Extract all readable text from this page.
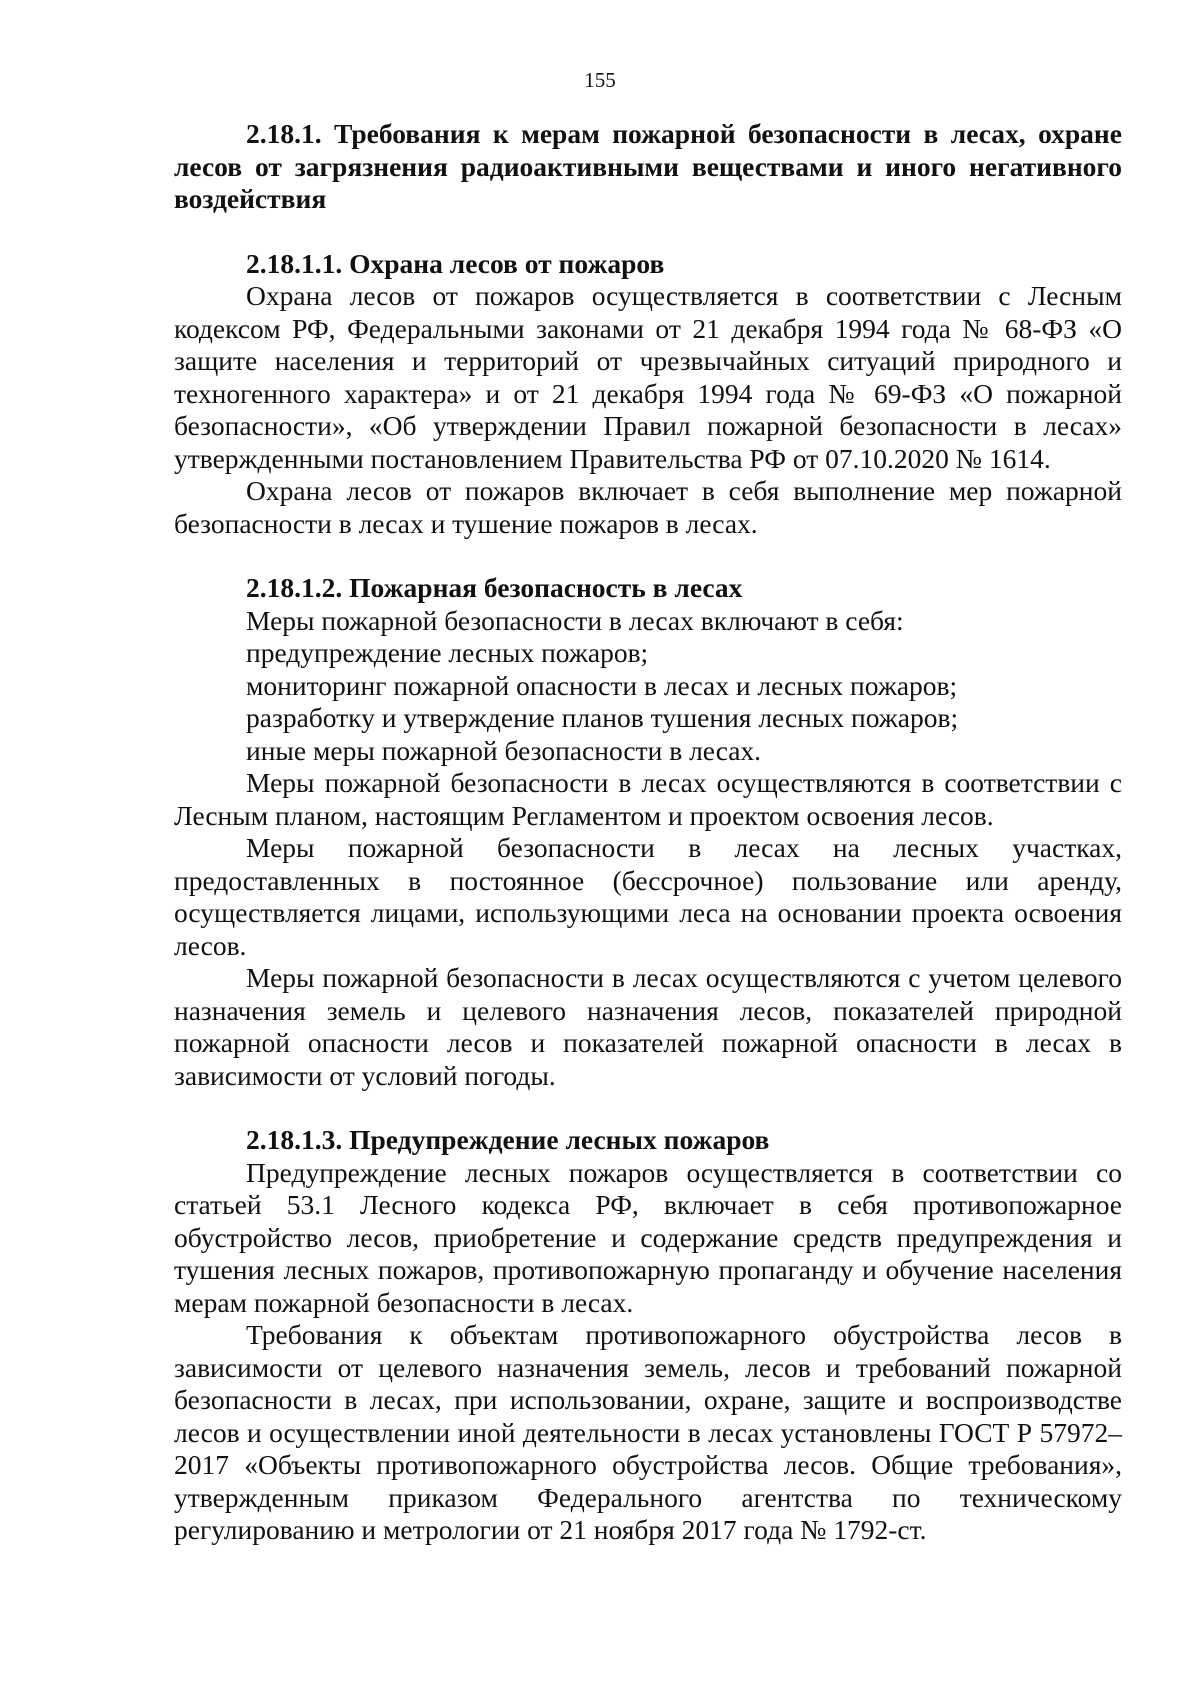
155

2.18.1. Требования к мерам пожарной безопасности в лесах, охране лесов от загрязнения радиоактивными веществами и иного негативного воздействия

2.18.1.1. Охрана лесов от пожаров

Охрана лесов от пожаров осуществляется в соответствии с Лесным кодексом РФ, Федеральными законами от 21 декабря 1994 года № 68-ФЗ «О защите населения и территорий от чрезвычайных ситуаций природного и техногенного характера» и от 21 декабря 1994 года № 69-ФЗ «О пожарной безопасности», «Об утверждении Правил пожарной безопасности в лесах» утвержденными постановлением Правительства РФ от 07.10.2020 № 1614.

Охрана лесов от пожаров включает в себя выполнение мер пожарной безопасности в лесах и тушение пожаров в лесах.

2.18.1.2. Пожарная безопасность в лесах

Меры пожарной безопасности в лесах включают в себя:

предупреждение лесных пожаров;

мониторинг пожарной опасности в лесах и лесных пожаров;

разработку и утверждение планов тушения лесных пожаров;

иные меры пожарной безопасности в лесах.

Меры пожарной безопасности в лесах осуществляются в соответствии с Лесным планом, настоящим Регламентом и проектом освоения лесов.

Меры пожарной безопасности в лесах на лесных участках, предоставленных в постоянное (бессрочное) пользование или аренду, осуществляется лицами, использующими леса на основании проекта освоения лесов.

Меры пожарной безопасности в лесах осуществляются с учетом целевого назначения земель и целевого назначения лесов, показателей природной пожарной опасности лесов и показателей пожарной опасности в лесах в зависимости от условий погоды.

2.18.1.3. Предупреждение лесных пожаров

Предупреждение лесных пожаров осуществляется в соответствии со статьей 53.1 Лесного кодекса РФ, включает в себя противопожарное обустройство лесов, приобретение и содержание средств предупреждения и тушения лесных пожаров, противопожарную пропаганду и обучение населения мерам пожарной безопасности в лесах.

Требования к объектам противопожарного обустройства лесов в зависимости от целевого назначения земель, лесов и требований пожарной безопасности в лесах, при использовании, охране, защите и воспроизводстве лесов и осуществлении иной деятельности в лесах установлены ГОСТ Р 57972–2017 «Объекты противопожарного обустройства лесов. Общие требования», утвержденным приказом Федерального агентства по техническому регулированию и метрологии от 21 ноября 2017 года № 1792-ст.
